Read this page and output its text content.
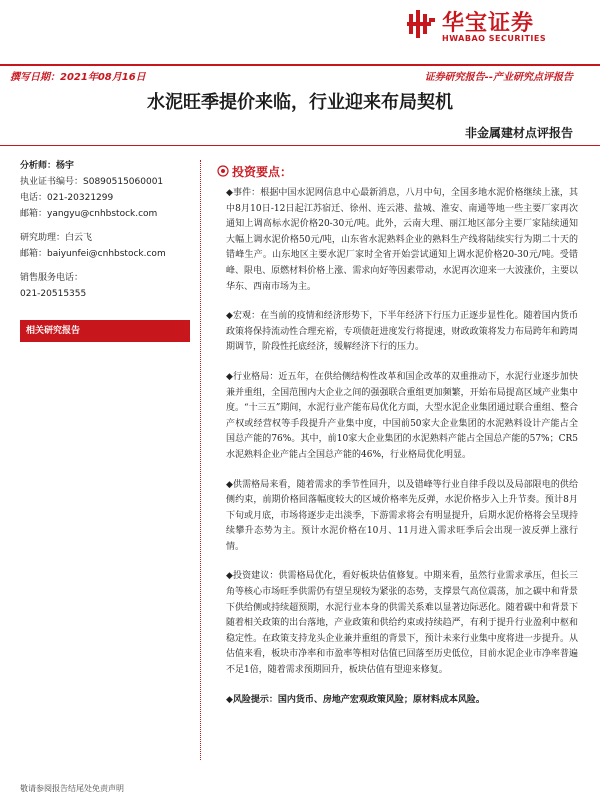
华宝证券
HWABAO SECURITIES
撰写日期：2021年08月16日	证券研究报告--产业研究点评报告
水泥旺季提价来临，行业迎来布局契机
非金属建材点评报告
分析师：杨宇
执业证书编号：S0890515060001
电话：021-20321299
邮箱：yangyu@cnhbstock.com
研究助理：白云飞
邮箱：baiyunfei@cnhbstock.com
销售服务电话：
021-20515355
相关研究报告
投资要点：

◆事件：根据中国水泥网信息中心最新消息，八月中旬，全国多地水泥价格继续上涨，其中8月10日-12日起江苏宿迁、徐州、连云港、盐城、淮安、南通等地一些主要厂家再次通知上调高标水泥价格20-30元/吨。此外，云南大理、丽江地区部分主要厂家陆续通知大幅上调水泥价格50元/吨，山东省水泥熟料企业的熟料生产线将陆续实行为期二十天的错峰生产。山东地区主要水泥厂家时全省开始尝试通知上调水泥价格20-30元/吨。受错峰、限电、原燃材料价格上涨、需求向好等因素带动，水泥再次迎来一大波涨价，主要以华东、西南市场为主。

◆宏观：在当前的疫情和经济形势下，下半年经济下行压力正逐步显性化。随着国内货币政策将保持流动性合理充裕，专项债赶进度发行将提速，财政政策将发力布局跨年和跨周期调节，阶段性托底经济，缓解经济下行的压力。

◆行业格局：近五年，在供给侧结构性改革和国企改革的双重推动下，水泥行业逐步加快兼并重组，全国范围内大企业之间的强强联合重组更加频繁，开始布局提高区域产业集中度。“十三五”期间，水泥行业产能布局优化方面，大型水泥企业集团通过联合重组、整合产权或经营权等手段提升产业集中度，中国前50家大企业集团的水泥熟料设计产能占全国总产能的76%。其中，前10家大企业集团的水泥熟料产能占全国总产能的57%；CR5水泥熟料企业产能占全国总产能的46%，行业格局优化明显。

◆供需格局来看，随着需求的季节性回升，以及错峰等行业自律手段以及局部限电的供给侧约束，前期价格回落幅度较大的区域价格率先反弹，水泥价格步入上升节奏。预计8月下旬或月底，市场将逐步走出淡季，下游需求将会有明显提升，后期水泥价格将会呈现持续攀升态势为主。预计水泥价格在10月、11月进入需求旺季后会出现一波反弹上涨行情。

◆投资建议：供需格局优化，看好板块估值修复。中期来看，虽然行业需求承压，但长三角等核心市场旺季供需仍有望呈现较为紧张的态势，支撑景气高位震荡，加之碳中和背景下供给侧或持续超预期，水泥行业本身的供需关系难以显著边际恶化。随着碳中和背景下随着相关政策的出台落地，产业政策和供给约束或持续趋严，有利于提升行业盈利中枢和稳定性。在政策支持龙头企业兼并重组的背景下，预计未来行业集中度将进一步提升。从估值来看，板块市净率和市盈率等相对估值已回落至历史低位，目前水泥企业市净率普遍不足1倍，随着需求预期回升，板块估值有望迎来修复。

◆风险提示：国内货币、房地产宏观政策风险；原材料成本风险。

敬请参阅报告结尾处免责声明
